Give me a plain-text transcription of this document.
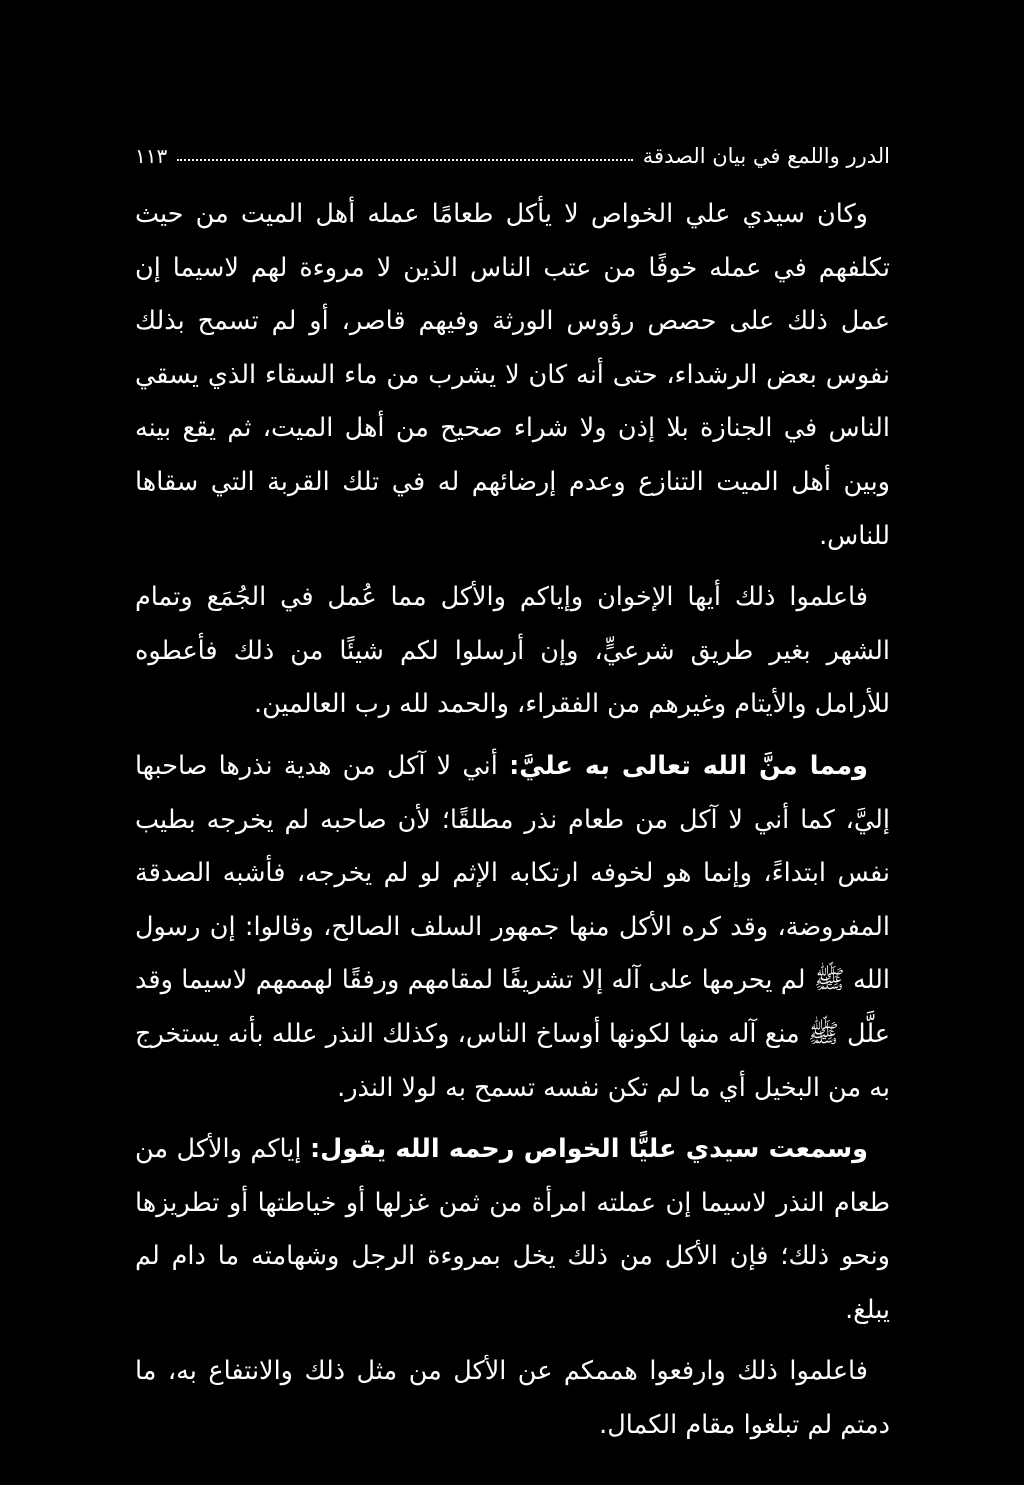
الدرر واللمع في بيان الصدقة
١١٣

وكان سيدي علي الخواص لا يأكل طعامًا عمله أهل الميت من حيث تكلفهم في عمله خوفًا من عتب الناس الذين لا مروءة لهم لاسيما إن عمل ذلك على حصص رؤوس الورثة وفيهم قاصر، أو لم تسمح بذلك نفوس بعض الرشداء، حتى أنه كان لا يشرب من ماء السقاء الذي يسقي الناس في الجنازة بلا إذن ولا شراء صحيح من أهل الميت، ثم يقع بينه وبين أهل الميت التنازع وعدم إرضائهم له في تلك القربة التي سقاها للناس.

فاعلموا ذلك أيها الإخوان وإياكم والأكل مما عُمل في الجُمَع وتمام الشهر بغير طريق شرعيٍّ، وإن أرسلوا لكم شيئًا من ذلك فأعطوه للأرامل والأيتام وغيرهم من الفقراء، والحمد لله رب العالمين.

ومما منَّ الله تعالى به عليَّ: أني لا آكل من هدية نذرها صاحبها إليَّ، كما أني لا آكل من طعام نذر مطلقًا؛ لأن صاحبه لم يخرجه بطيب نفس ابتداءً، وإنما هو لخوفه ارتكابه الإثم لو لم يخرجه، فأشبه الصدقة المفروضة، وقد كره الأكل منها جمهور السلف الصالح، وقالوا: إن رسول الله ﷺ لم يحرمها على آله إلا تشريفًا لمقامهم ورفقًا لهممهم لاسيما وقد علَّل ﷺ منع آله منها لكونها أوساخ الناس، وكذلك النذر علله بأنه يستخرج به من البخيل أي ما لم تكن نفسه تسمح به لولا النذر.

وسمعت سيدي عليًّا الخواص رحمه الله يقول: إياكم والأكل من طعام النذر لاسيما إن عملته امرأة من ثمن غزلها أو خياطتها أو تطريزها ونحو ذلك؛ فإن الأكل من ذلك يخل بمروءة الرجل وشهامته ما دام لم يبلغ.

فاعلموا ذلك وارفعوا هممكم عن الأكل من مثل ذلك والانتفاع به، ما دمتم لم تبلغوا مقام الكمال.
